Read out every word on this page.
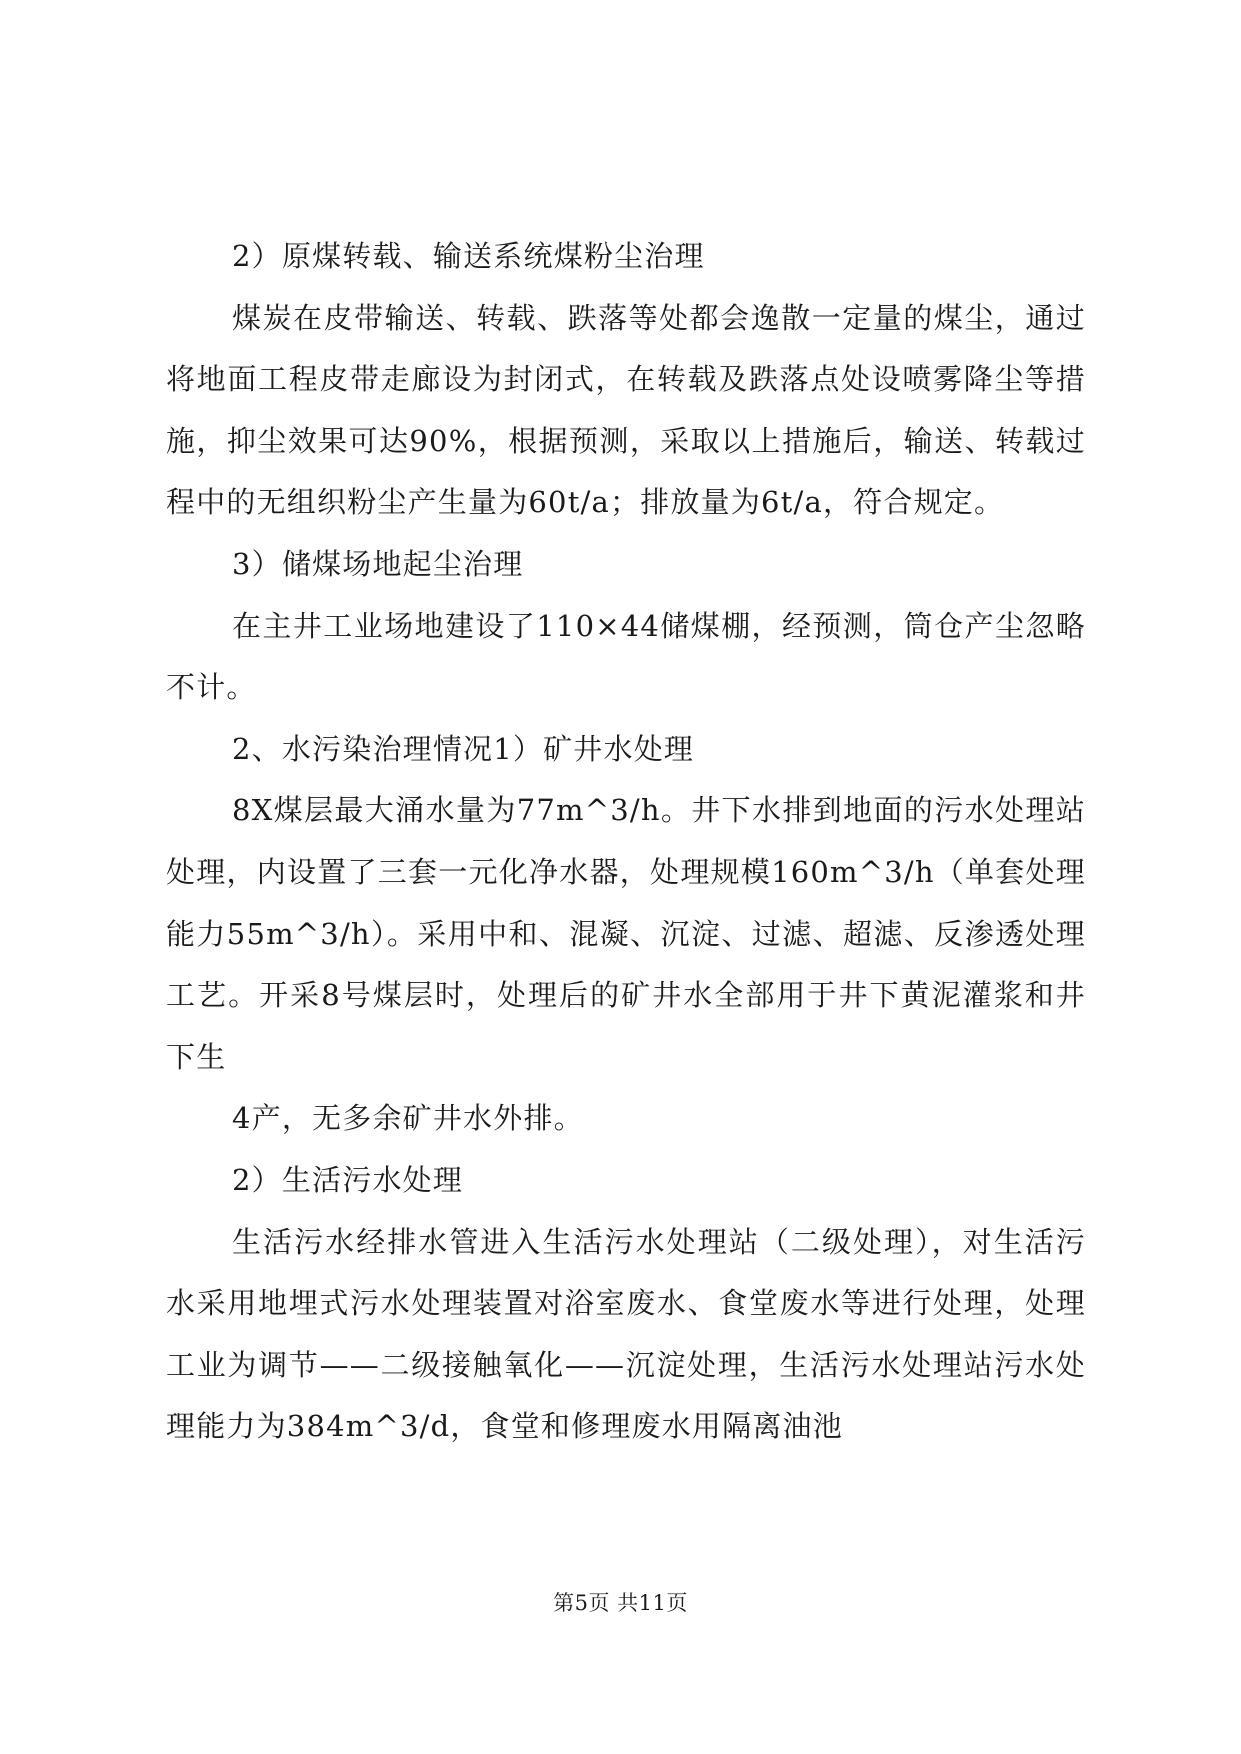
2）原煤转载、输送系统煤粉尘治理

煤炭在皮带输送、转载、跌落等处都会逸散一定量的煤尘，通过将地面工程皮带走廊设为封闭式，在转载及跌落点处设喷雾降尘等措施，抑尘效果可达90%，根据预测，采取以上措施后，输送、转载过程中的无组织粉尘产生量为60t/a；排放量为6t/a，符合规定。

3）储煤场地起尘治理

在主井工业场地建设了110×44储煤棚，经预测，筒仓产尘忽略不计。

2、水污染治理情况1）矿井水处理

8X煤层最大涌水量为77m^3/h。井下水排到地面的污水处理站处理，内设置了三套一元化净水器，处理规模160m^3/h（单套处理能力55m^3/h）。采用中和、混凝、沉淀、过滤、超滤、反渗透处理工艺。开采8号煤层时，处理后的矿井水全部用于井下黄泥灌浆和井下生

4产，无多余矿井水外排。

2）生活污水处理

生活污水经排水管进入生活污水处理站（二级处理），对生活污水采用地埋式污水处理装置对浴室废水、食堂废水等进行处理，处理工业为调节——二级接触氧化——沉淀处理，生活污水处理站污水处理能力为384m^3/d，食堂和修理废水用隔离油池

第5页 共11页
